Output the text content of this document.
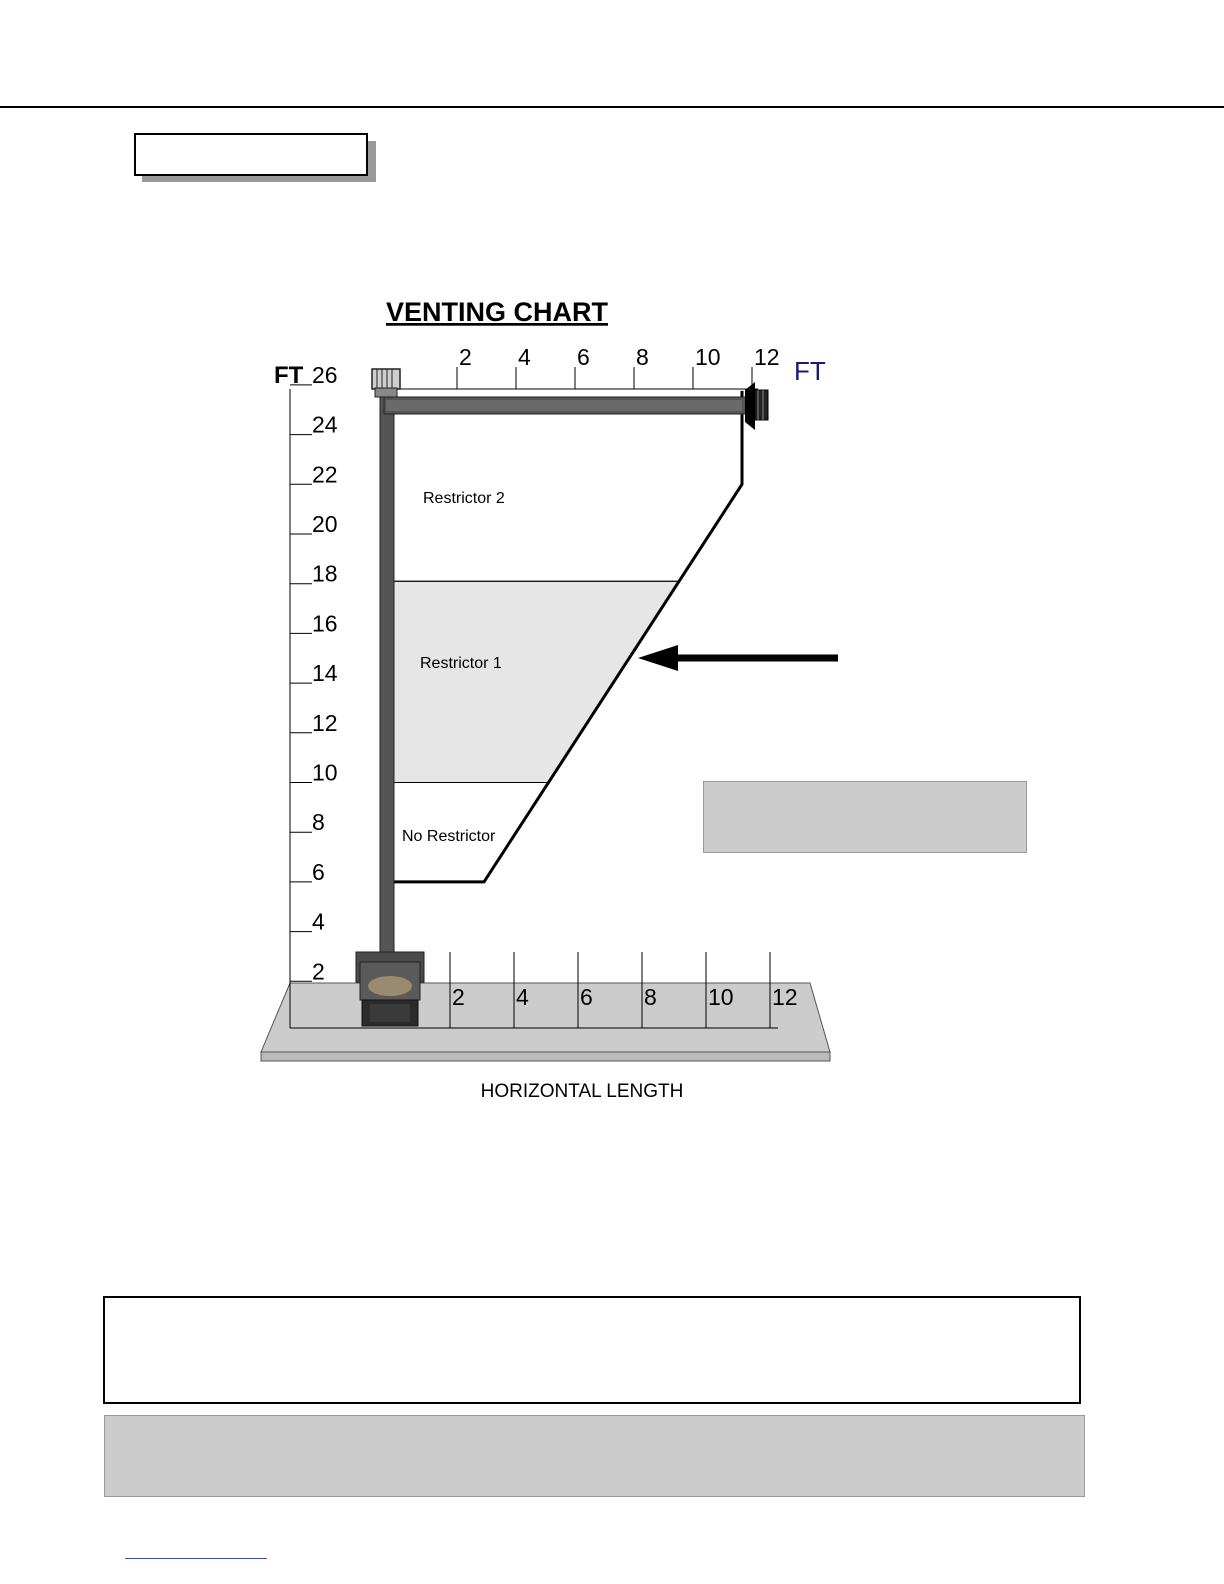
VENTING CHART
Restrictor 2
Restrictor 1
No Restrictor
FT	FT
HORIZONTAL LENGTH
2
4
6
8
10
12
14
16
18
20
22
24
26
2 4 6 8 10 12
2 4 6 8 10 12
